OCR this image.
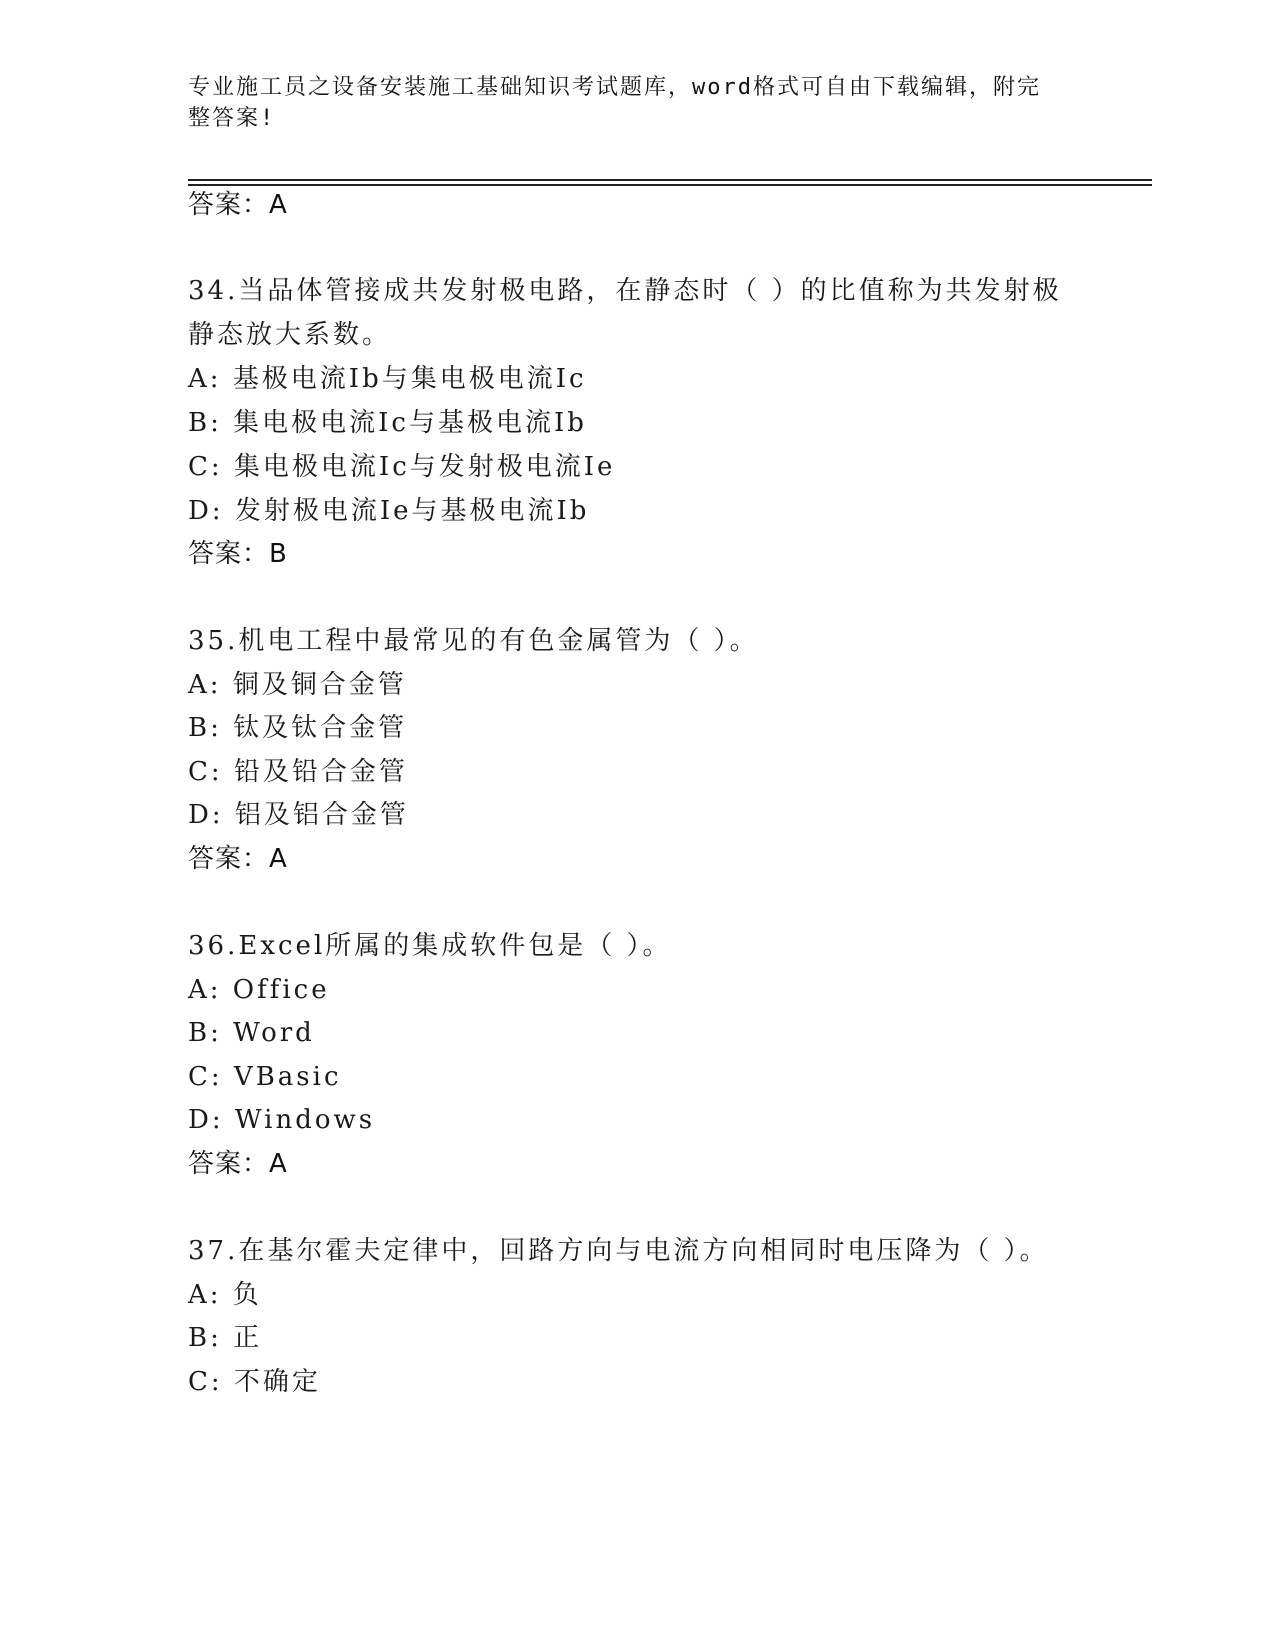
专业施工员之设备安装施工基础知识考试题库，word格式可自由下载编辑，附完
整答案!
答案：A
34.当品体管接成共发射极电路，在静态时（ ）的比值称为共发射极
静态放大系数。
A: 基极电流Ib与集电极电流Ic
B: 集电极电流Ic与基极电流Ib
C: 集电极电流Ic与发射极电流Ie
D: 发射极电流Ie与基极电流Ib
答案：B
35.机电工程中最常见的有色金属管为（ ）。
A: 铜及铜合金管
B: 钛及钛合金管
C: 铅及铅合金管
D: 铝及铝合金管
答案：A
36.Excel所属的集成软件包是（ ）。
A: Office
B: Word
C: VBasic
D: Windows
答案：A
37.在基尔霍夫定律中，回路方向与电流方向相同时电压降为（ ）。
A: 负
B: 正
C: 不确定
